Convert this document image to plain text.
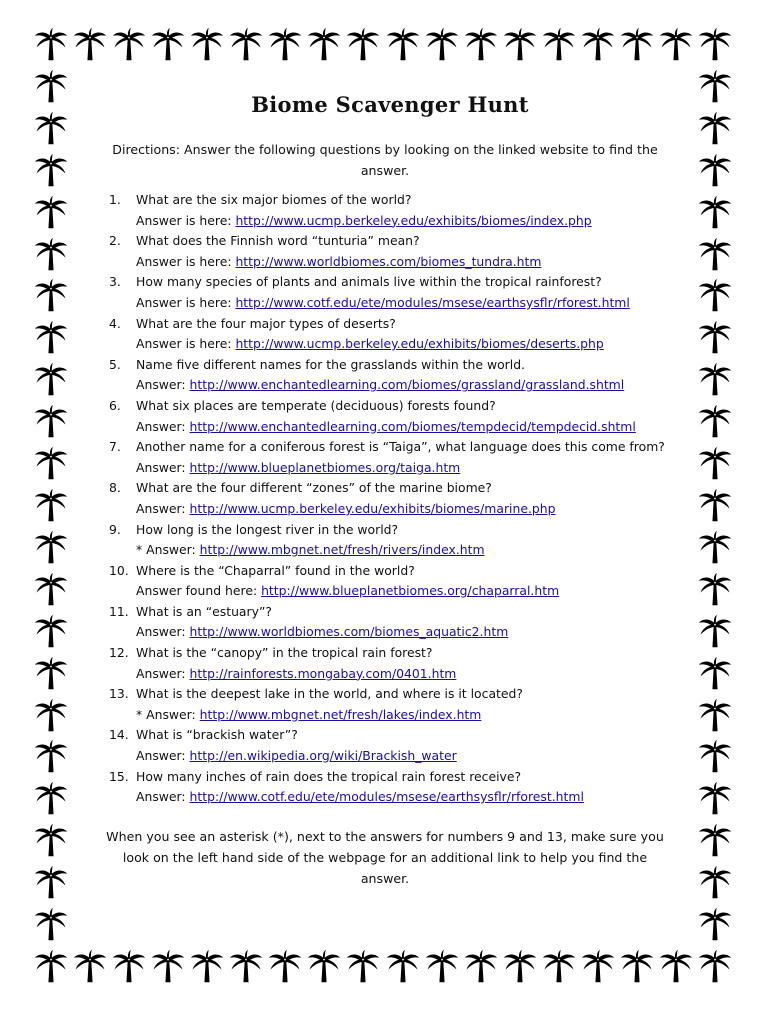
Biome Scavenger Hunt

Directions: Answer the following questions by looking on the linked website to find the answer.

1. What are the six major biomes of the world?
Answer is here: http://www.ucmp.berkeley.edu/exhibits/biomes/index.php
2. What does the Finnish word “tunturia” mean?
Answer is here: http://www.worldbiomes.com/biomes_tundra.htm
3. How many species of plants and animals live within the tropical rainforest?
Answer is here: http://www.cotf.edu/ete/modules/msese/earthsysflr/rforest.html
4. What are the four major types of deserts?
Answer is here: http://www.ucmp.berkeley.edu/exhibits/biomes/deserts.php
5. Name five different names for the grasslands within the world.
Answer: http://www.enchantedlearning.com/biomes/grassland/grassland.shtml
6. What six places are temperate (deciduous) forests found?
Answer: http://www.enchantedlearning.com/biomes/tempdecid/tempdecid.shtml
7. Another name for a coniferous forest is “Taiga”, what language does this come from?
Answer: http://www.blueplanetbiomes.org/taiga.htm
8. What are the four different “zones” of the marine biome?
Answer: http://www.ucmp.berkeley.edu/exhibits/biomes/marine.php
9. How long is the longest river in the world?
* Answer: http://www.mbgnet.net/fresh/rivers/index.htm
10. Where is the “Chaparral” found in the world?
Answer found here: http://www.blueplanetbiomes.org/chaparral.htm
11. What is an “estuary”?
Answer: http://www.worldbiomes.com/biomes_aquatic2.htm
12. What is the “canopy” in the tropical rain forest?
Answer: http://rainforests.mongabay.com/0401.htm
13. What is the deepest lake in the world, and where is it located?
* Answer: http://www.mbgnet.net/fresh/lakes/index.htm
14. What is “brackish water”?
Answer: http://en.wikipedia.org/wiki/Brackish_water
15. How many inches of rain does the tropical rain forest receive?
Answer: http://www.cotf.edu/ete/modules/msese/earthsysflr/rforest.html

When you see an asterisk (*), next to the answers for numbers 9 and 13, make sure you look on the left hand side of the webpage for an additional link to help you find the answer.
